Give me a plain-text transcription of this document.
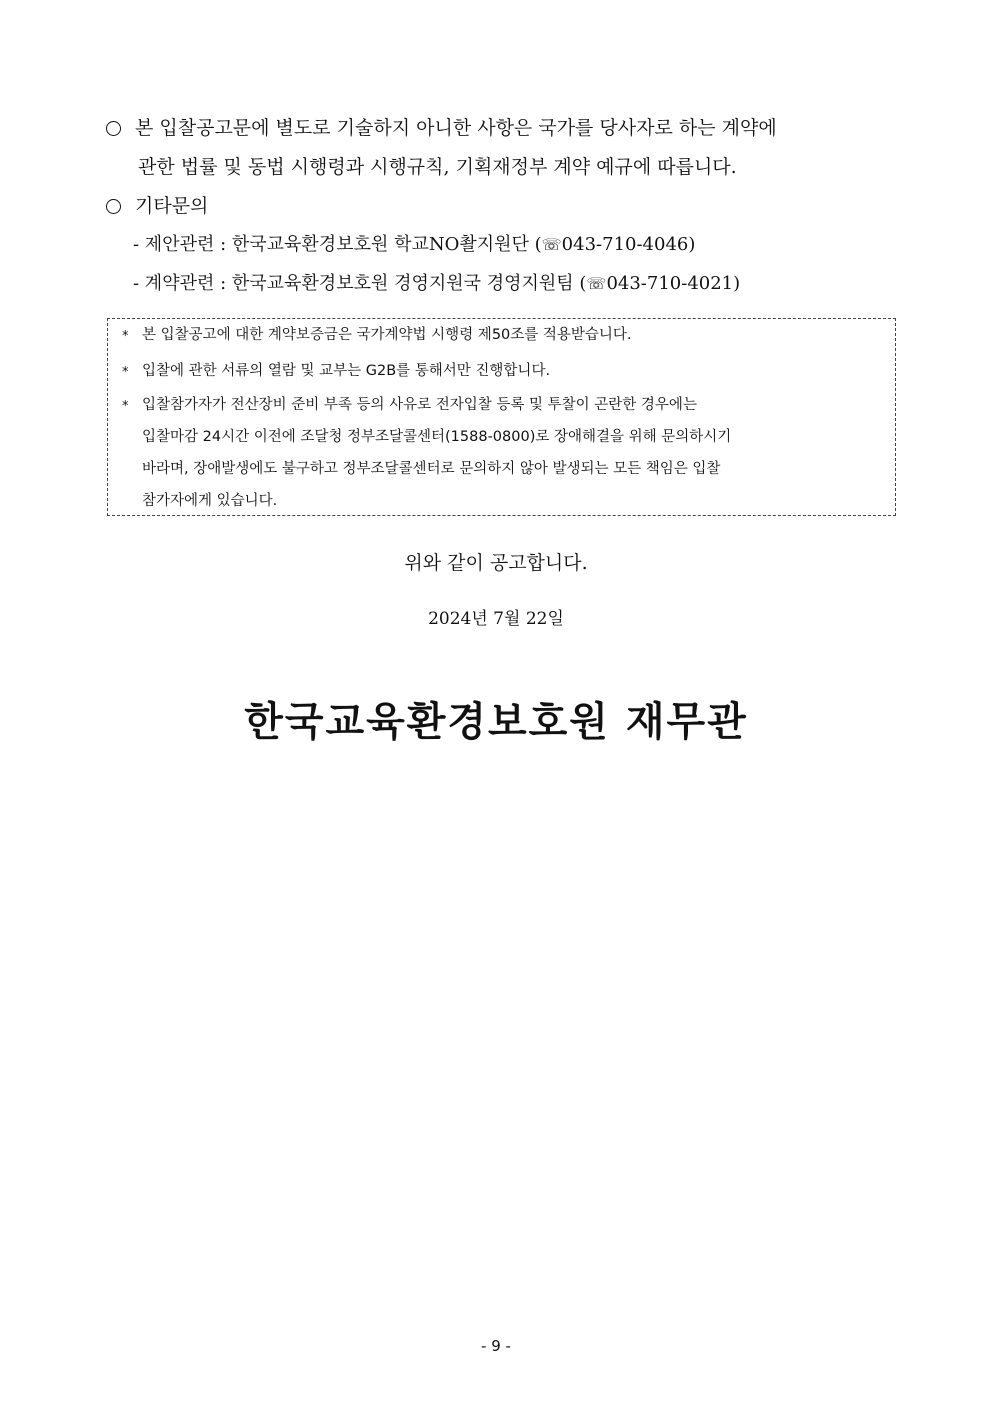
본 입찰공고문에 별도로 기술하지 아니한 사항은 국가를 당사자로 하는 계약에
관한 법률 및 동법 시행령과 시행규칙, 기획재정부 계약 예규에 따릅니다.
기타문의
- 제안관련 : 한국교육환경보호원 학교NO촬지원단 (☏043-710-4046)
- 계약관련 : 한국교육환경보호원 경영지원국 경영지원팀 (☏043-710-4021)
* 본 입찰공고에 대한 계약보증금은 국가계약법 시행령 제50조를 적용받습니다.
* 입찰에 관한 서류의 열람 및 교부는 G2B를 통해서만 진행합니다.
* 입찰참가자가 전산장비 준비 부족 등의 사유로 전자입찰 등록 및 투찰이 곤란한 경우에는
입찰마감 24시간 이전에 조달청 정부조달콜센터(1588-0800)로 장애해결을 위해 문의하시기
바라며, 장애발생에도 불구하고 정부조달콜센터로 문의하지 않아 발생되는 모든 책임은 입찰
참가자에게 있습니다.
위와 같이 공고합니다.
2024년 7월 22일
한국교육환경보호원 재무관
- 9 -
